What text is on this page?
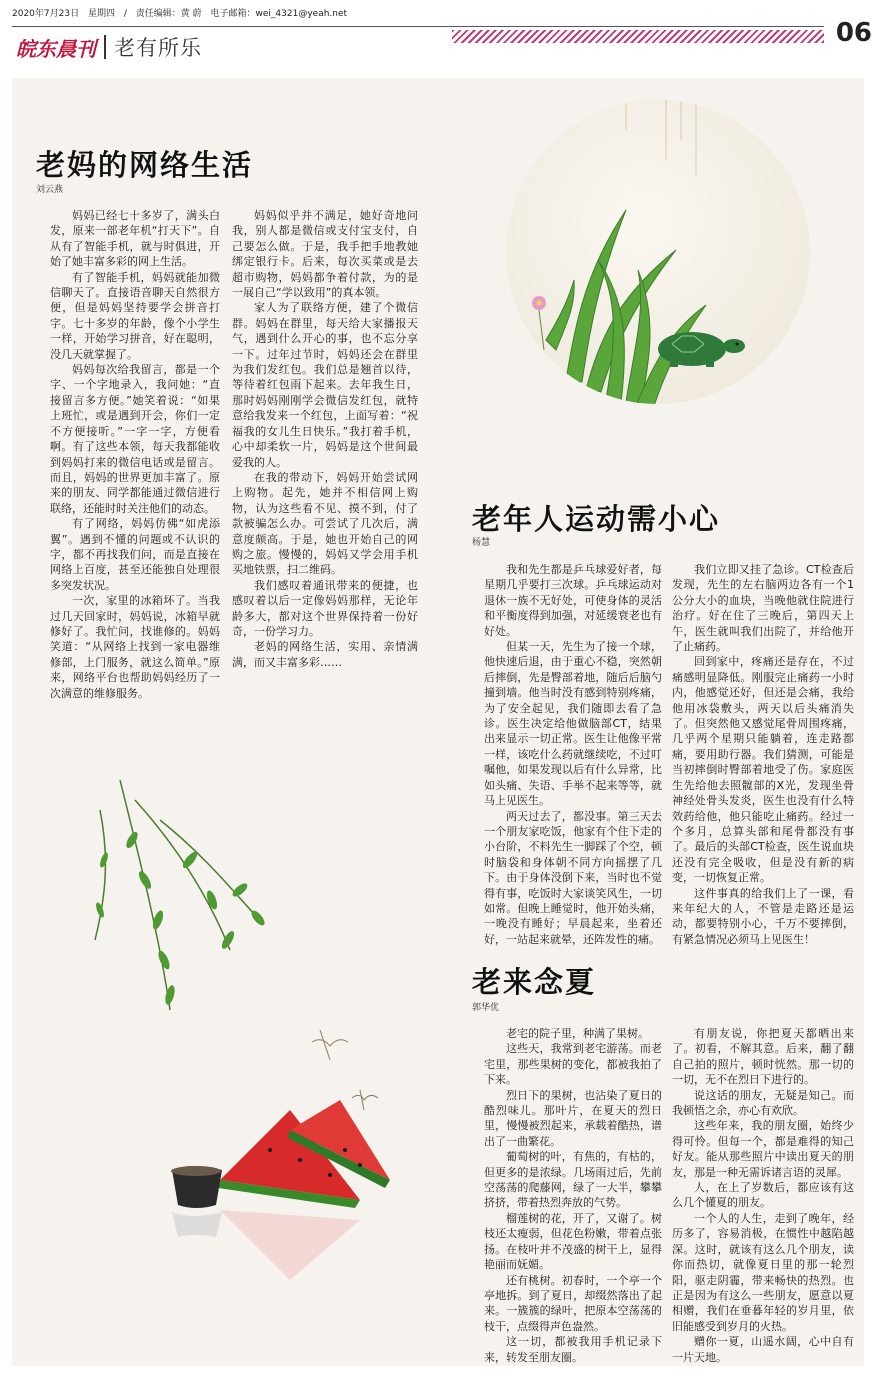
2020年7月23日 星期四 / 责任编辑：黄 蔚 电子邮箱：wei_4321@yeah.net
06
皖东晨刊 老有所乐
老妈的网络生活
刘云燕

妈妈已经七十多岁了，满头白发，原来一部老年机“打天下”。自从有了智能手机，就与时俱进，开始了她丰富多彩的网上生活。

有了智能手机，妈妈就能加微信聊天了。直接语音聊天自然很方便，但是妈妈坚持要学会拼音打字。七十多岁的年龄，像个小学生一样，开始学习拼音，好在聪明，没几天就掌握了。

妈妈每次给我留言，都是一个字、一个字地录入，我问她：“直接留言多方便。”她笑着说：“如果上班忙，或是遇到开会，你们一定不方便接听。”一字一字，方便看啊。有了这些本领，每天我都能收到妈妈打来的微信电话或是留言。而且，妈妈的世界更加丰富了。原来的朋友、同学都能通过微信进行联络，还能时时关注他们的动态。

有了网络，妈妈仿佛“如虎添翼”。遇到不懂的问题或不认识的字，都不再找我们问，而是直接在网络上百度，甚至还能独自处理很多突发状况。

一次，家里的冰箱坏了。当我过几天回家时，妈妈说，冰箱早就修好了。我忙问，找谁修的。妈妈笑道：“从网络上找到一家电器维修部，上门服务，就这么简单。”原来，网络平台也帮助妈妈经历了一次满意的维修服务。

妈妈似乎并不满足，她好奇地问我，别人都是微信或支付宝支付，自己要怎么做。于是，我手把手地教她绑定银行卡。后来，每次买菜或是去超市购物，妈妈都争着付款，为的是一展自己“学以致用”的真本领。

家人为了联络方便，建了个微信群。妈妈在群里，每天给大家播报天气，遇到什么开心的事，也不忘分享一下。过年过节时，妈妈还会在群里为我们发红包。我们总是翘首以待，等待着红包雨下起来。去年我生日，那时妈妈刚刚学会微信发红包，就特意给我发来一个红包，上面写着：“祝福我的女儿生日快乐。”我打着手机，心中却柔软一片，妈妈是这个世间最爱我的人。

在我的带动下，妈妈开始尝试网上购物。起先，她并不相信网上购物，认为这些看不见、摸不到，付了款被骗怎么办。可尝试了几次后，满意度颇高。于是，她也开始自己的网购之旅。慢慢的，妈妈又学会用手机买地铁票，扫二维码。

我们感叹着通讯带来的便捷，也感叹着以后一定像妈妈那样，无论年龄多大，都对这个世界保持着一份好奇，一份学习力。

老妈的网络生活，实用、亲情满满，而又丰富多彩……

老年人运动需小心
杨慧

我和先生都是乒乓球爱好者，每星期几乎要打三次球。乒乓球运动对退休一族不无好处，可使身体的灵活和平衡度得到加强，对延缓衰老也有好处。

但某一天，先生为了接一个球，他快速后退，由于重心不稳，突然朝后摔倒，先是臀部着地，随后后脑勺撞到墙。他当时没有感到特别疼痛，为了安全起见，我们随即去看了急诊。医生决定给他做脑部CT，结果出来显示一切正常。医生让他像平常一样，该吃什么药就继续吃，不过叮嘱他，如果发现以后有什么异常，比如头痛、失语、手举不起来等等，就马上见医生。

两天过去了，都没事。第三天去一个朋友家吃饭，他家有个住下走的小台阶，不料先生一脚踩了个空，顿时脑袋和身体朝不同方向摇摆了几下。由于身体没倒下来，当时也不觉得有事，吃饭时大家谈笑风生，一切如常。但晚上睡觉时，他开始头痛，一晚没有睡好；早晨起来，坐着还好，一站起来就晕，还阵发性的痛。

我们立即又挂了急诊。CT检查后发现，先生的左右脑两边各有一个1公分大小的血块，当晚他就住院进行治疗。好在住了三晚后，第四天上午，医生就叫我们出院了，并给他开了止痛药。

回到家中，疼痛还是存在，不过痛感明显降低。刚服完止痛药一小时内，他感觉还好，但还是会痛，我给他用冰袋敷头，两天以后头痛消失了。但突然他又感觉尾骨周围疼痛，几乎两个星期只能躺着，连走路都痛，要用助行器。我们猜测，可能是当初摔倒时臀部着地受了伤。家庭医生先给他去照髋部的X光，发现坐骨神经处骨头发炎，医生也没有什么特效药给他，他只能吃止痛药。经过一个多月，总算头部和尾骨都没有事了。最后的头部CT检查，医生说血块还没有完全吸收，但是没有新的病变，一切恢复正常。

这件事真的给我们上了一课，看来年纪大的人，不管是走路还是运动，都要特别小心，千万不要摔倒，有紧急情况必须马上见医生！

老来念夏
郭华优

老宅的院子里，种满了果树。

这些天，我常到老宅游荡。而老宅里，那些果树的变化，都被我拍了下来。

烈日下的果树，也沾染了夏日的酷烈味儿。那叶片，在夏天的烈日里，慢慢被烈起来，承载着酷热，谱出了一曲繁花。

葡萄树的叶，有焦的，有枯的，但更多的是浓绿。几场雨过后，先前空荡荡的爬藤网，绿了一大半，攀攀挤挤，带着热烈奔放的气势。

榴莲树的花，开了，又谢了。树枝还太瘦弱，但花色粉嫩，带着点张扬。在枝叶并不茂盛的树干上，显得艳丽而妩媚。

还有桃树。初春时，一个亭一个亭地拆。到了夏日，却缀然落出了起来。一簇簇的绿叶，把原本空荡荡的枝干，点缀得声色盎然。

这一切，都被我用手机记录下来，转发至朋友圈。

有朋友说，你把夏天都晒出来了。初看，不解其意。后来，翻了翻自己拍的照片，顿时恍然。那一切的一切，无不在烈日下进行的。

说这话的朋友，无疑是知己。而我顿悟之余，亦心有欢欣。

这些年来，我的朋友圈，始终少得可怜。但每一个，都是难得的知己好友。能从那些照片中读出夏天的朋友，那是一种无需诉诸言语的灵犀。

人，在上了岁数后，都应该有这么几个懂夏的朋友。

一个人的人生，走到了晚年，经历多了，容易消极，在惯性中越陷越深。这时，就该有这么几个朋友，读你而热切，就像夏日里的那一轮烈阳，驱走阴霾，带来畅快的热烈。也正是因为有这么一些朋友，愿意以夏相赠，我们在垂暮年轻的岁月里，依旧能感受到岁月的火热。

赠你一夏，山遥水阔，心中自有一片天地。
